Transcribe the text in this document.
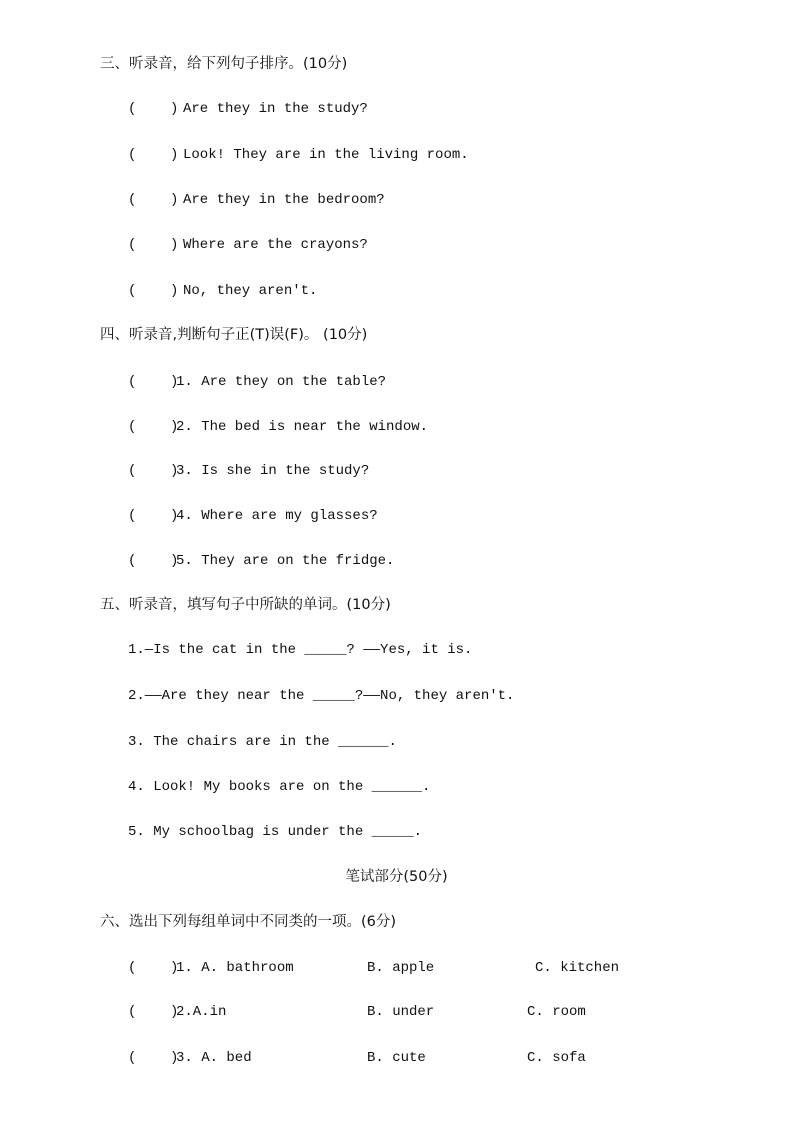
三、听录音，给下列句子排序。(10分)
(    ) Are they in the study?
(    ) Look! They are in the living room.
(    ) Are they in the bedroom?
(    ) Where are the crayons?
(    ) No, they aren't.
四、听录音,判断句子正(T)误(F)。 (10分)
(    )
1. Are they on the table?
(    )
2. The bed is near the window.
(    )
3. Is she in the study?
(    )
4. Where are my glasses?
(    )
5. They are on the fridge.
五、听录音，填写句子中所缺的单词。(10分)
1.—Is the cat in the _____? ——Yes, it is.
2.——Are they near the _____?——No, they aren't.
3. The chairs are in the ______.
4. Look! My books are on the ______.
5. My schoolbag is under the _____.
笔试部分(50分)
六、选出下列每组单词中不同类的一项。(6分)
(    )
1. A. bathroom	B. apple	C. kitchen
(    )
2.A.in	B. under	C. room
(    )
3. A. bed	B. cute	C. sofa
